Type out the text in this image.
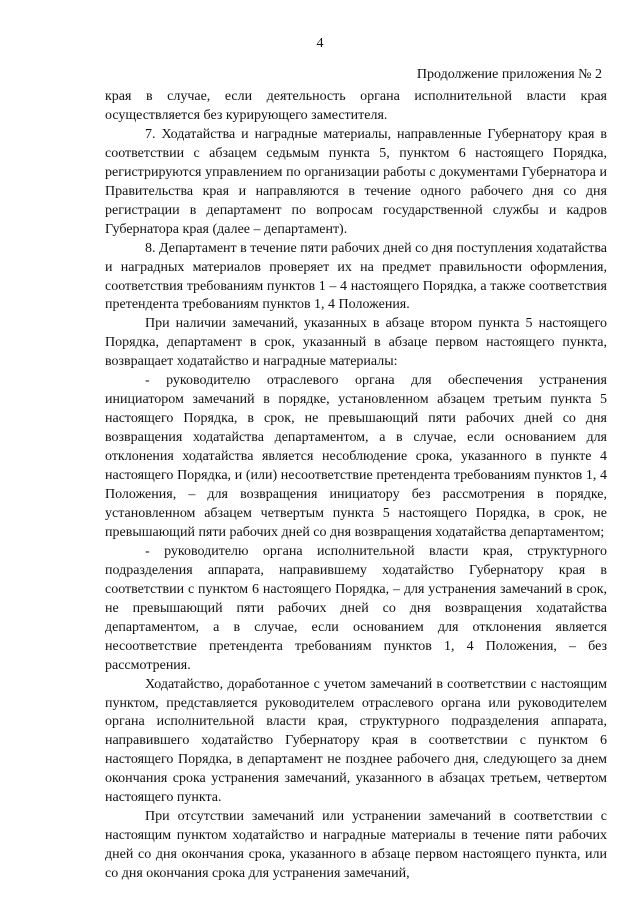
4
Продолжение приложения № 2

края в случае, если деятельность органа исполнительной власти края осуществляется без курирующего заместителя.

7. Ходатайства и наградные материалы, направленные Губернатору края в соответствии с абзацем седьмым пункта 5, пунктом 6 настоящего Порядка, регистрируются управлением по организации работы с документами Губернатора и Правительства края и направляются в течение одного рабочего дня со дня регистрации в департамент по вопросам государственной службы и кадров Губернатора края (далее – департамент).

8. Департамент в течение пяти рабочих дней со дня поступления ходатайства и наградных материалов проверяет их на предмет правильности оформления, соответствия требованиям пунктов 1 – 4 настоящего Порядка, а также соответствия претендента требованиям пунктов 1, 4 Положения.

При наличии замечаний, указанных в абзаце втором пункта 5 настоящего Порядка, департамент в срок, указанный в абзаце первом настоящего пункта, возвращает ходатайство и наградные материалы:

- руководителю отраслевого органа для обеспечения устранения инициатором замечаний в порядке, установленном абзацем третьим пункта 5 настоящего Порядка, в срок, не превышающий пяти рабочих дней со дня возвращения ходатайства департаментом, а в случае, если основанием для отклонения ходатайства является несоблюдение срока, указанного в пункте 4 настоящего Порядка, и (или) несоответствие претендента требованиям пунктов 1, 4 Положения, – для возвращения инициатору без рассмотрения в порядке, установленном абзацем четвертым пункта 5 настоящего Порядка, в срок, не превышающий пяти рабочих дней со дня возвращения ходатайства департаментом;

- руководителю органа исполнительной власти края, структурного подразделения аппарата, направившему ходатайство Губернатору края в соответствии с пунктом 6 настоящего Порядка, – для устранения замечаний в срок, не превышающий пяти рабочих дней со дня возвращения ходатайства департаментом, а в случае, если основанием для отклонения является несоответствие претендента требованиям пунктов 1, 4 Положения, – без рассмотрения.

Ходатайство, доработанное с учетом замечаний в соответствии с настоящим пунктом, представляется руководителем отраслевого органа или руководителем органа исполнительной власти края, структурного подразделения аппарата, направившего ходатайство Губернатору края в соответствии с пунктом 6 настоящего Порядка, в департамент не позднее рабочего дня, следующего за днем окончания срока устранения замечаний, указанного в абзацах третьем, четвертом настоящего пункта.

При отсутствии замечаний или устранении замечаний в соответствии с настоящим пунктом ходатайство и наградные материалы в течение пяти рабочих дней со дня окончания срока, указанного в абзаце первом настоящего пункта, или со дня окончания срока для устранения замечаний,
